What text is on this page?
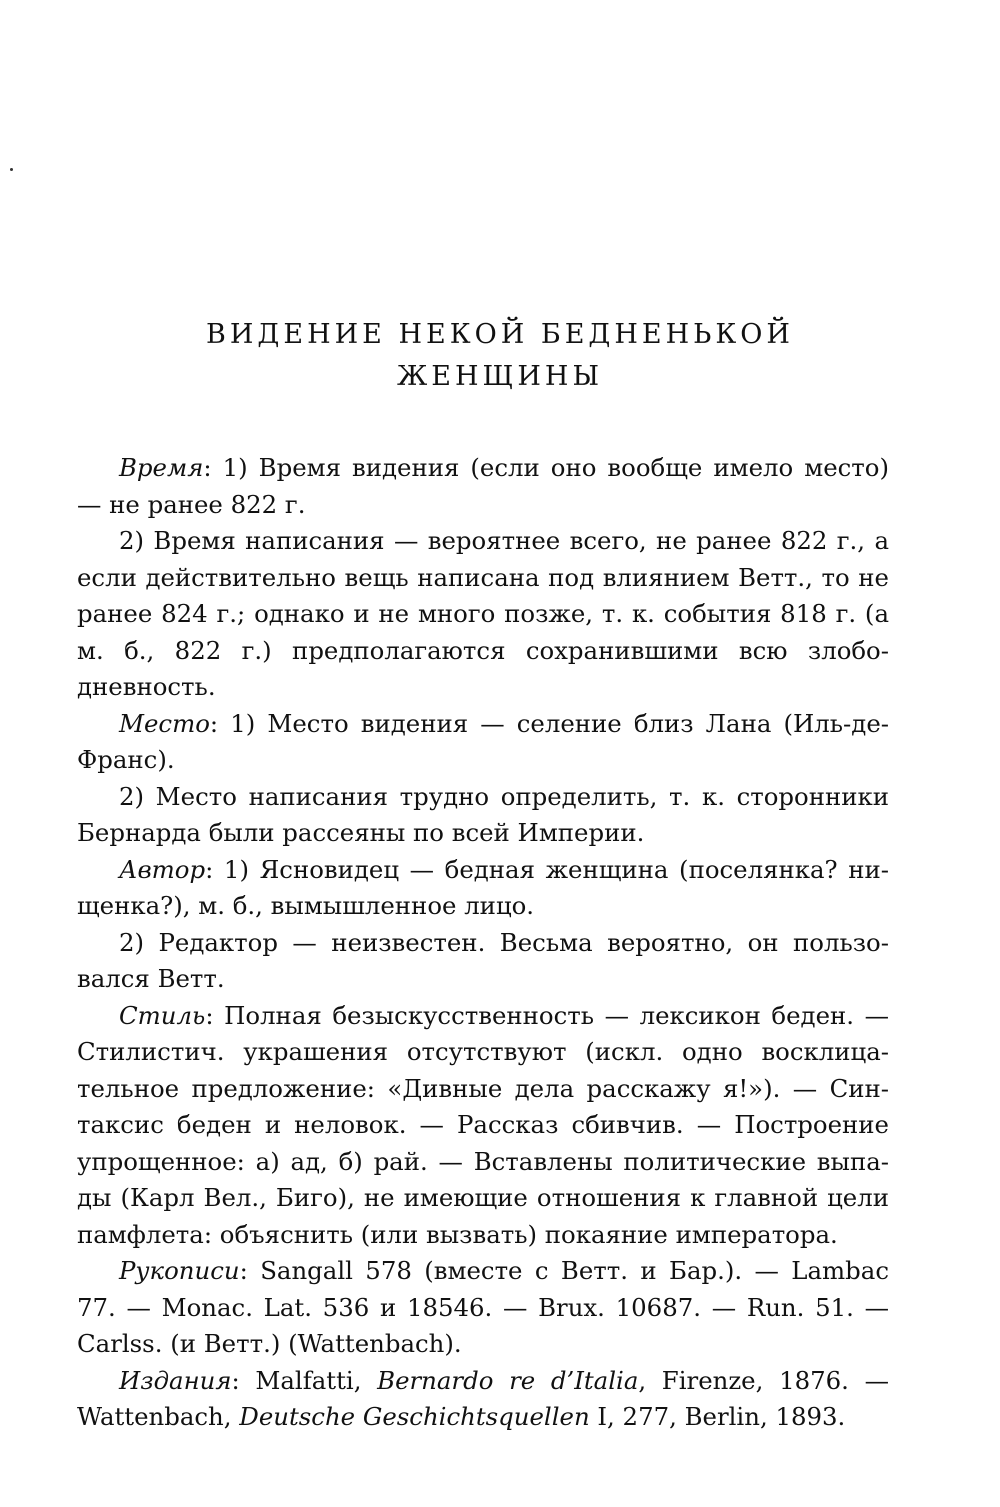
ВИДЕНИЕ НЕКОЙ БЕДНЕНЬКОЙ
ЖЕНЩИНЫ

Время: 1) Время видения (если оно вообще имело место) — не ранее 822 г.

2) Время написания — вероятнее всего, не ранее 822 г., а если действительно вещь написана под влиянием Ветт., то не ранее 824 г.; однако и не много позже, т. к. события 818 г. (а м. б., 822 г.) предполагаются сохранившими всю злободневность.

Место: 1) Место видения — селение близ Лана (Иль-де-Франс).

2) Место написания трудно определить, т. к. сторонники Бернарда были рассеяны по всей Империи.

Автор: 1) Ясновидец — бедная женщина (поселянка? нищенка?), м. б., вымышленное лицо.

2) Редактор — неизвестен. Весьма вероятно, он пользовался Ветт.

Стиль: Полная безыскусственность — лексикон беден. — Стилистич. украшения отсутствуют (искл. одно восклицательное предложение: «Дивные дела расскажу я!»). — Синтаксис беден и неловок. — Рассказ сбивчив. — Построение упрощенное: а) ад, б) рай. — Вставлены политические выпады (Карл Вел., Биго), не имеющие отношения к главной цели памфлета: объяснить (или вызвать) покаяние императора.

Рукописи: Sangall 578 (вместе с Ветт. и Бар.). — Lambac 77. — Monac. Lat. 536 и 18546. — Brux. 10687. — Run. 51. — Carlss. (и Ветт.) (Wattenbach).

Издания: Malfatti, Bernardo re d’Italia, Firenze, 1876. — Wattenbach, Deutsche Geschichtsquellen I, 277, Berlin, 1893.
